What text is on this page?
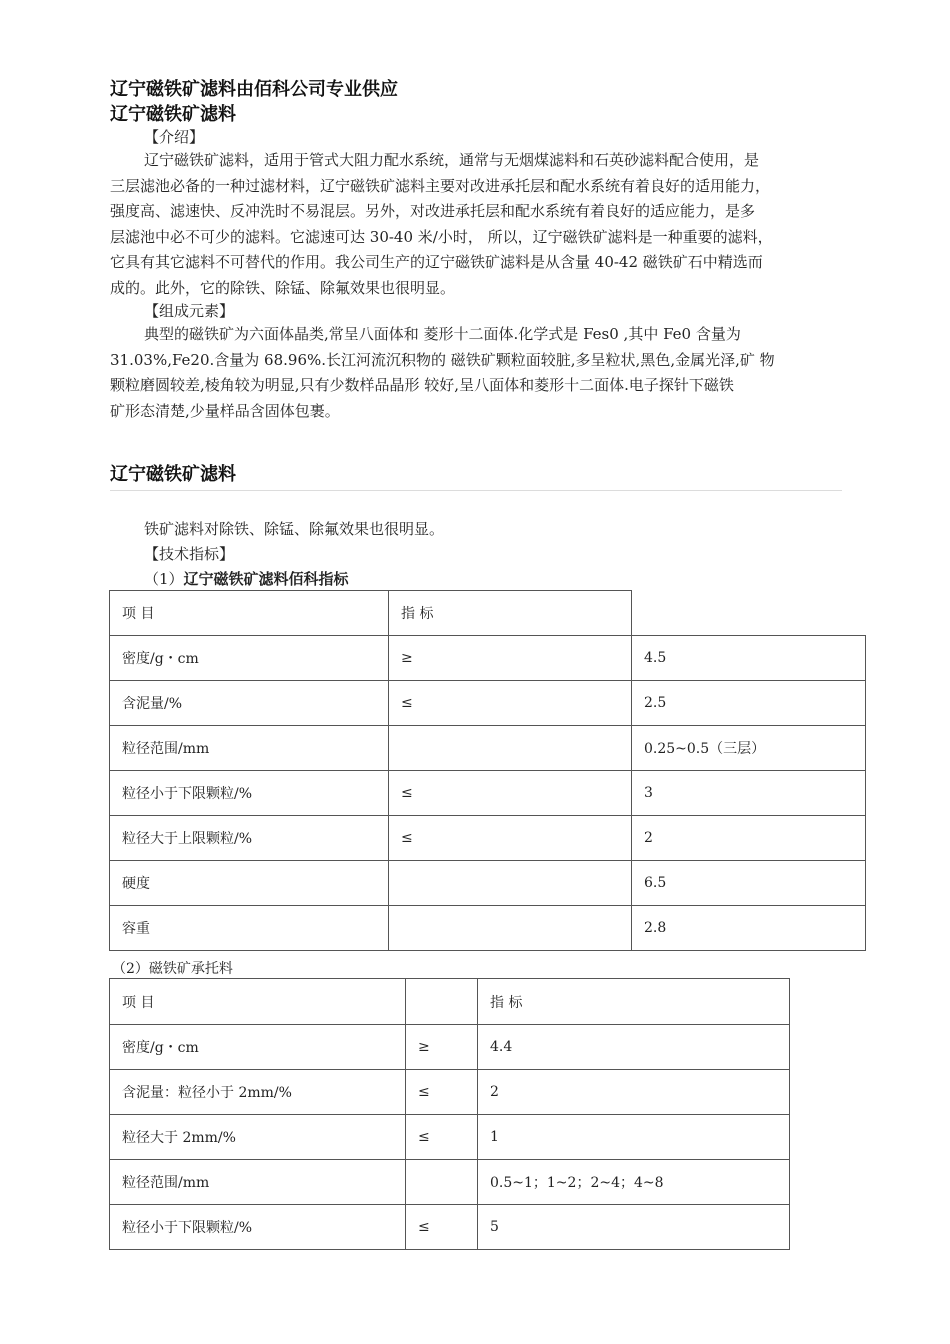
辽宁磁铁矿滤料由佰科公司专业供应
辽宁磁铁矿滤料
【介绍】
辽宁磁铁矿滤料，适用于管式大阻力配水系统，通常与无烟煤滤料和石英砂滤料配合使用，是
三层滤池必备的一种过滤材料，辽宁磁铁矿滤料主要对改进承托层和配水系统有着良好的适用能力，
强度高、滤速快、反冲洗时不易混层。另外，对改进承托层和配水系统有着良好的适应能力，是多
层滤池中必不可少的滤料。它滤速可达 30-40 米/小时， 所以，辽宁磁铁矿滤料是一种重要的滤料，
它具有其它滤料不可替代的作用。我公司生产的辽宁磁铁矿滤料是从含量 40-42 磁铁矿石中精选而
成的。此外，它的除铁、除锰、除氟效果也很明显。
【组成元素】
典型的磁铁矿为六面体晶类,常呈八面体和 菱形十二面体.化学式是 Fes0 ,其中 Fe0 含量为
31.03%,Fe20.含量为 68.96%.长江河流沉积物的 磁铁矿颗粒面较脏,多呈粒状,黑色,金属光泽,矿 物
颗粒磨圆较差,棱角较为明显,只有少数样品晶形 较好,呈八面体和菱形十二面体.电子探针下磁铁
矿形态清楚,少量样品含固体包裹。
辽宁磁铁矿滤料
铁矿滤料对除铁、除锰、除氟效果也很明显。
【技术指标】
（1）辽宁磁铁矿滤料佰科指标
项 目	指 标	
密度/g・cm	≥	4.5
含泥量/%	≤	2.5
粒径范围/mm		0.25~0.5（三层）
粒径小于下限颗粒/%	≤	3
粒径大于上限颗粒/%	≤	2
硬度		6.5
容重		2.8
（2）磁铁矿承托料
项 目		指 标
密度/g・cm	≥	4.4
含泥量：粒径小于 2mm/%	≤	2
粒径大于 2mm/%	≤	1
粒径范围/mm		0.5~1；1~2；2~4；4~8
粒径小于下限颗粒/%	≤	5
